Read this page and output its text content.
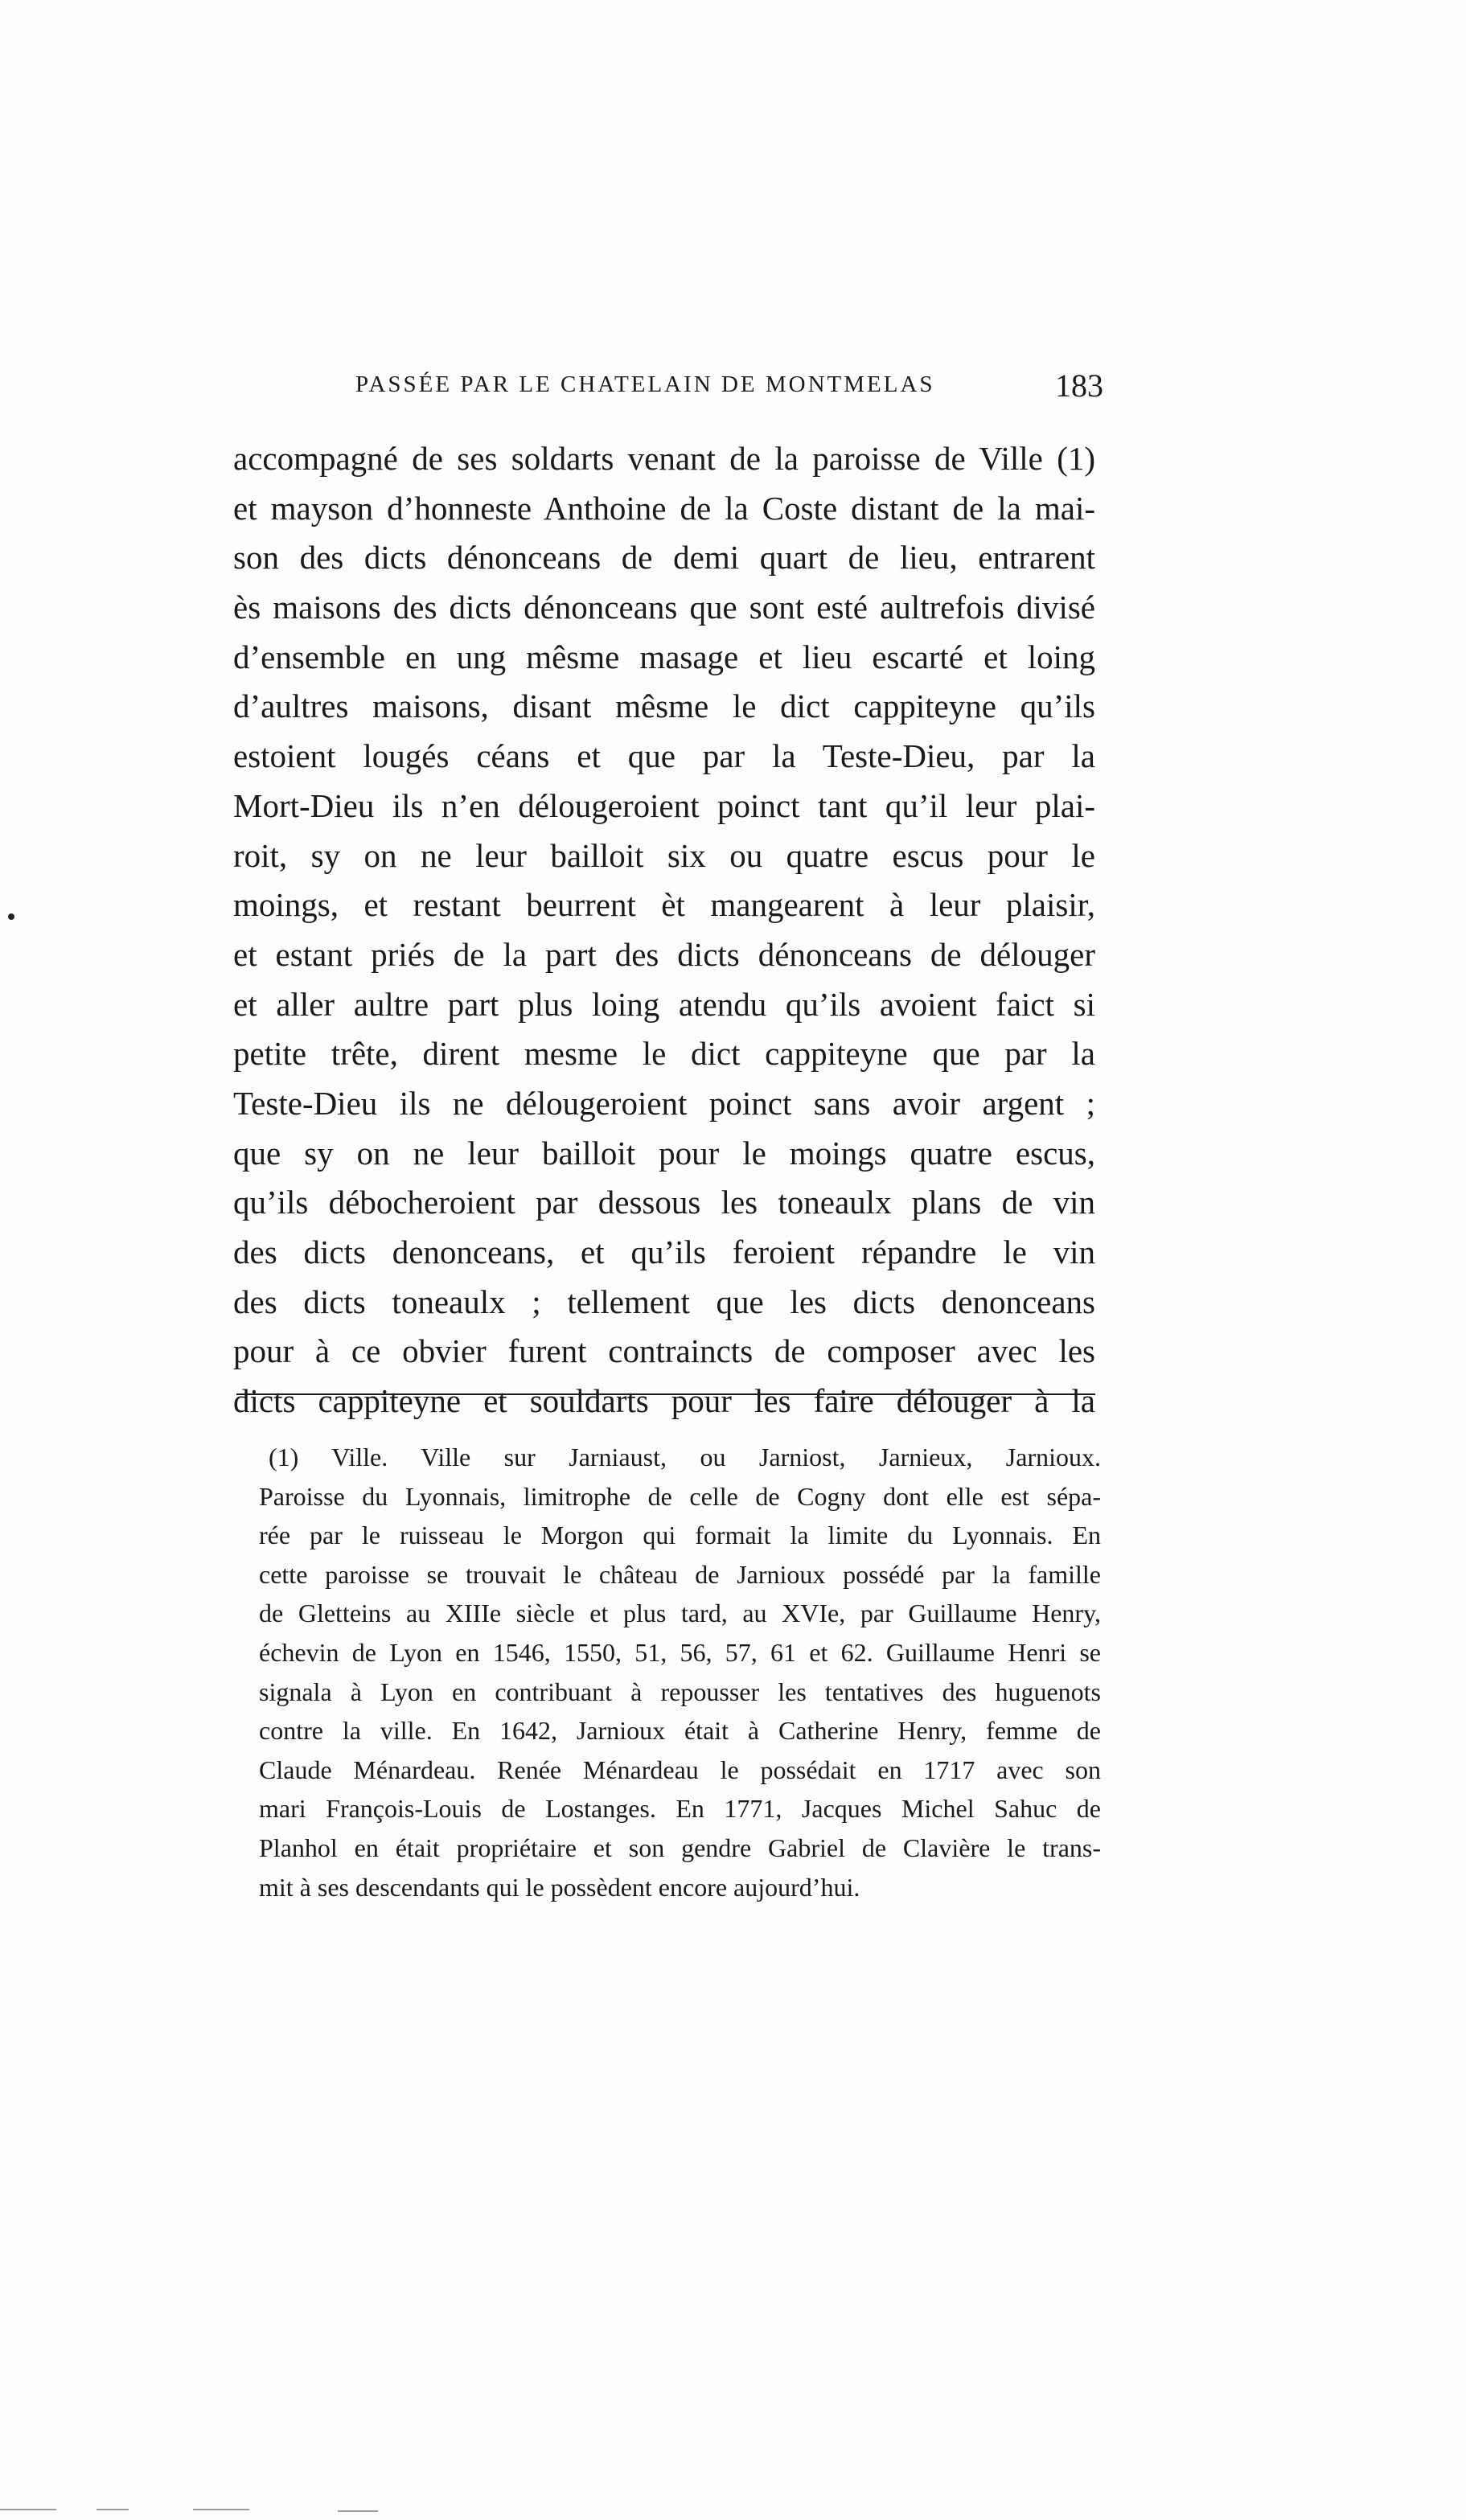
PASSÉE PAR LE CHATELAIN DE MONTMELAS	183
accompagné de ses soldarts venant de la paroisse de Ville (1)
et mayson d’honneste Anthoine de la Coste distant de la mai-
son des dicts dénonceans de demi quart de lieu, entrarent
ès maisons des dicts dénonceans que sont esté aultrefois divisé
d’ensemble en ung mêsme masage et lieu escarté et loing
d’aultres maisons, disant mêsme le dict cappiteyne qu’ils
estoient lougés céans et que par la Teste-Dieu, par la
Mort-Dieu ils n’en délougeroient poinct tant qu’il leur plai-
roit, sy on ne leur bailloit six ou quatre escus pour le
moings, et restant beurrent èt mangearent à leur plaisir,
et estant priés de la part des dicts dénonceans de délouger
et aller aultre part plus loing atendu qu’ils avoient faict si
petite trête, dirent mesme le dict cappiteyne que par la
Teste-Dieu ils ne délougeroient poinct sans avoir argent ;
que sy on ne leur bailloit pour le moings quatre escus,
qu’ils débocheroient par dessous les toneaulx plans de vin
des dicts denonceans, et qu’ils feroient répandre le vin
des dicts toneaulx ; tellement que les dicts denonceans
pour à ce obvier furent contraincts de composer avec les
dicts cappiteyne et souldarts pour les faire délouger à la
(1) Ville. Ville sur Jarniaust, ou Jarniost, Jarnieux, Jarnioux.
Paroisse du Lyonnais, limitrophe de celle de Cogny dont elle est sépa-
rée par le ruisseau le Morgon qui formait la limite du Lyonnais. En
cette paroisse se trouvait le château de Jarnioux possédé par la famille
de Gletteins au XIIIe siècle et plus tard, au XVIe, par Guillaume Henry,
échevin de Lyon en 1546, 1550, 51, 56, 57, 61 et 62. Guillaume Henri se
signala à Lyon en contribuant à repousser les tentatives des huguenots
contre la ville. En 1642, Jarnioux était à Catherine Henry, femme de
Claude Ménardeau. Renée Ménardeau le possédait en 1717 avec son
mari François-Louis de Lostanges. En 1771, Jacques Michel Sahuc de
Planhol en était propriétaire et son gendre Gabriel de Clavière le trans-
mit à ses descendants qui le possèdent encore aujourd’hui.
